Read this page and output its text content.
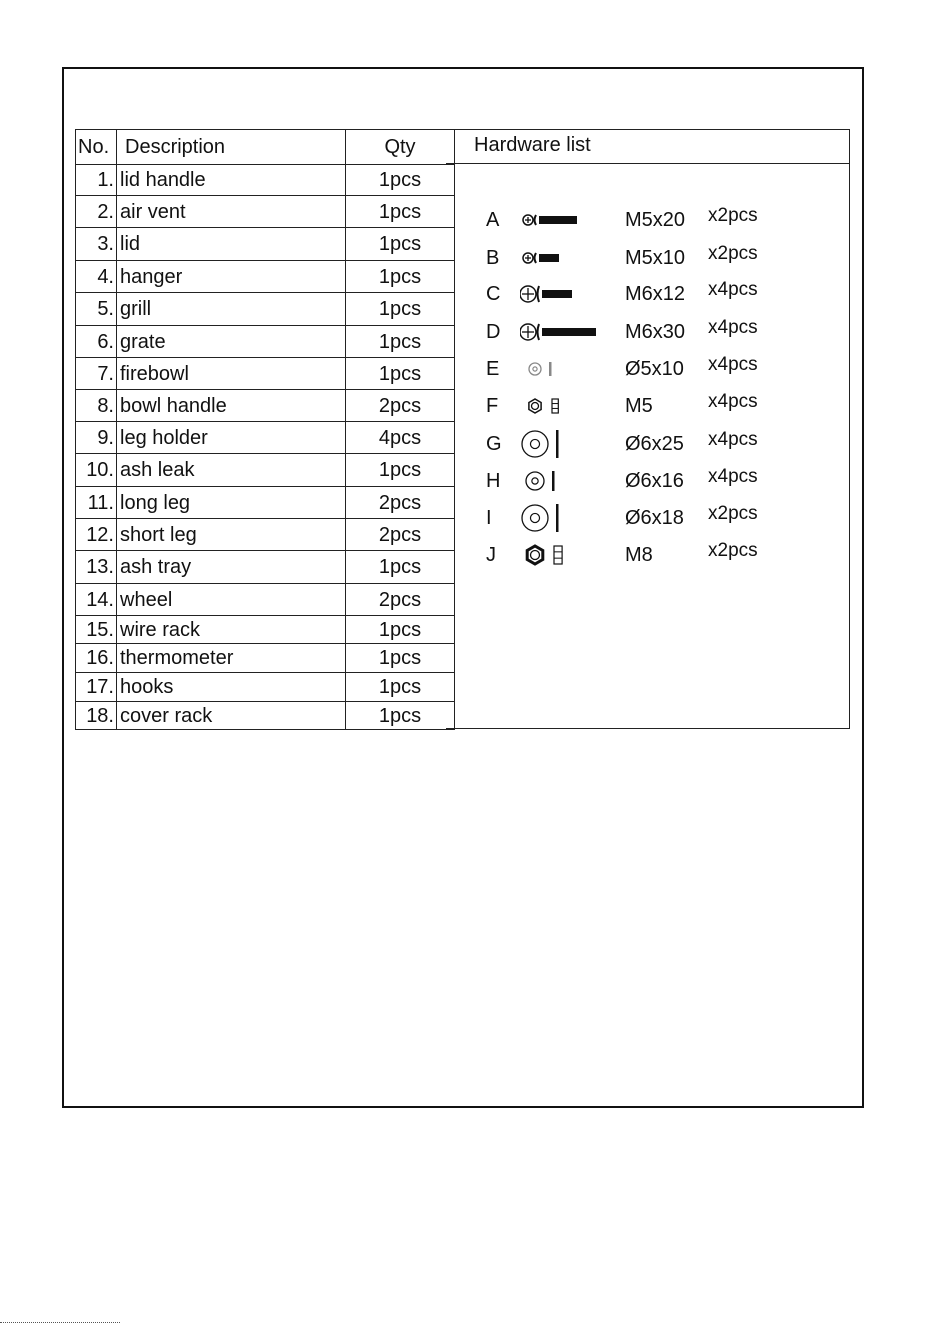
No.	Description	Qty
1.	lid handle	1pcs
2.	air vent	1pcs
3.	lid	1pcs
4.	hanger	1pcs
5.	grill	1pcs
6.	grate	1pcs
7.	firebowl	1pcs
8.	bowl handle	2pcs
9.	leg holder	4pcs
10.	ash leak	1pcs
11.	long leg	2pcs
12.	short leg	2pcs
13.	ash tray	1pcs
14.	wheel	2pcs
15.	wire rack	1pcs
16.	thermometer	1pcs
17.	hooks	1pcs
18.	cover rack	1pcs
Hardware list
A	M5x20 x2pcs
B	M5x10 x2pcs
C	M6x12 x4pcs
D	M6x30 x4pcs
E	Ø5x10 x4pcs
F	M5	x4pcs
G	Ø6x25 x4pcs
H	Ø6x16 x4pcs
I	Ø6x18 x2pcs
J	M8	x2pcs
